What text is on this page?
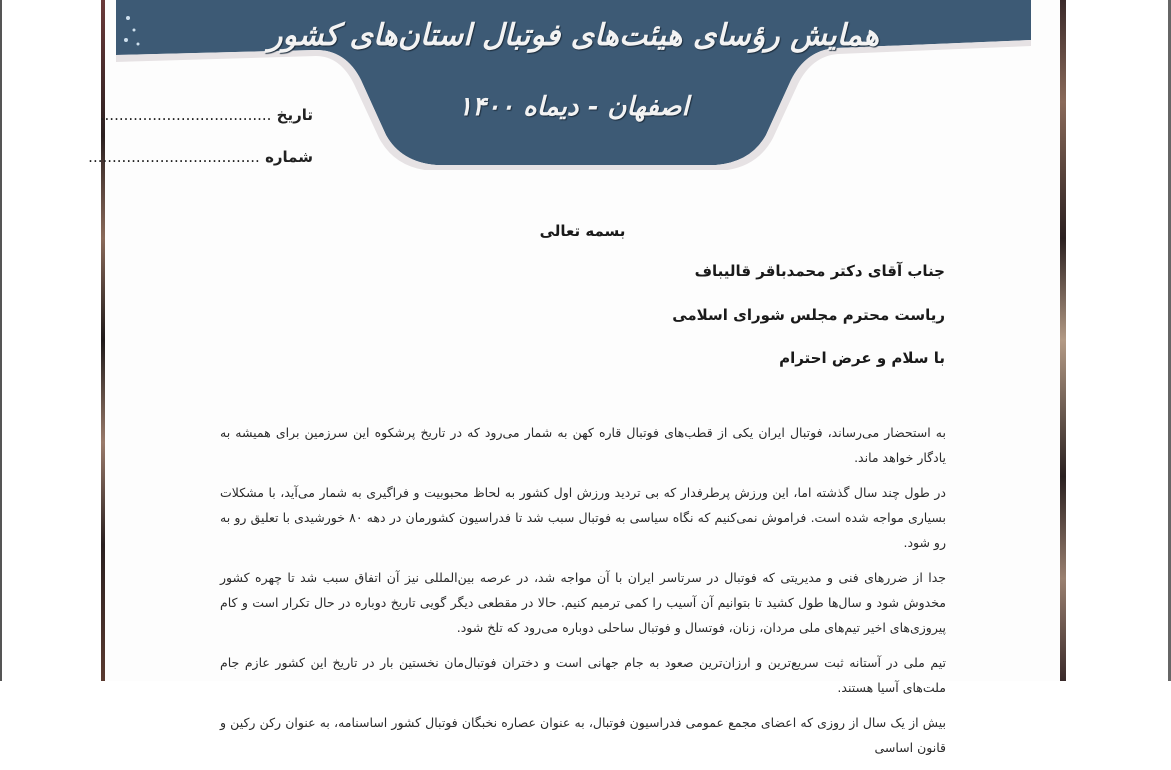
همایش رؤسای هیئت‌های فوتبال استان‌های کشور
اصفهان - دیماه ۱۴۰۰
تاریخ ....................................
شماره ....................................
بسمه تعالی
جناب آقای دکتر محمدباقر قالیباف
ریاست محترم مجلس شورای اسلامی
با سلام و عرض احترام

به استحضار می‌رساند، فوتبال ایران یکی از قطب‌های فوتبال قاره کهن به شمار می‌رود که در تاریخ پرشکوه این سرزمین برای همیشه به یادگار خواهد ماند.

در طول چند سال گذشته اما، این ورزش پرطرفدار که بی تردید ورزش اول کشور به لحاظ محبوبیت و فراگیری به شمار می‌آید، با مشکلات بسیاری مواجه شده است. فراموش نمی‌کنیم که نگاه سیاسی به فوتبال سبب شد تا فدراسیون کشورمان در دهه ۸۰ خورشیدی با تعلیق رو به رو شود.

جدا از ضررهای فنی و مدیریتی که فوتبال در سرتاسر ایران با آن مواجه شد، در عرصه بین‌المللی نیز آن اتفاق سبب شد تا چهره کشور مخدوش شود و سال‌ها طول کشید تا بتوانیم آن آسیب را کمی ترمیم کنیم. حالا در مقطعی دیگر گویی تاریخ دوباره در حال تکرار است و کام پیروزی‌های اخیر تیم‌های ملی مردان، زنان، فوتسال و فوتبال ساحلی دوباره می‌رود که تلخ شود.

تیم ملی در آستانه ثبت سریع‌ترین و ارزان‌ترین صعود به جام جهانی است و دختران فوتبال‌مان نخستین بار در تاریخ این کشور عازم جام ملت‌های آسیا هستند.

بیش از یک سال از روزی که اعضای مجمع عمومی فدراسیون فوتبال، به عنوان عصاره نخبگان فوتبال کشور اساسنامه، به عنوان رکن رکین و قانون اساسی
